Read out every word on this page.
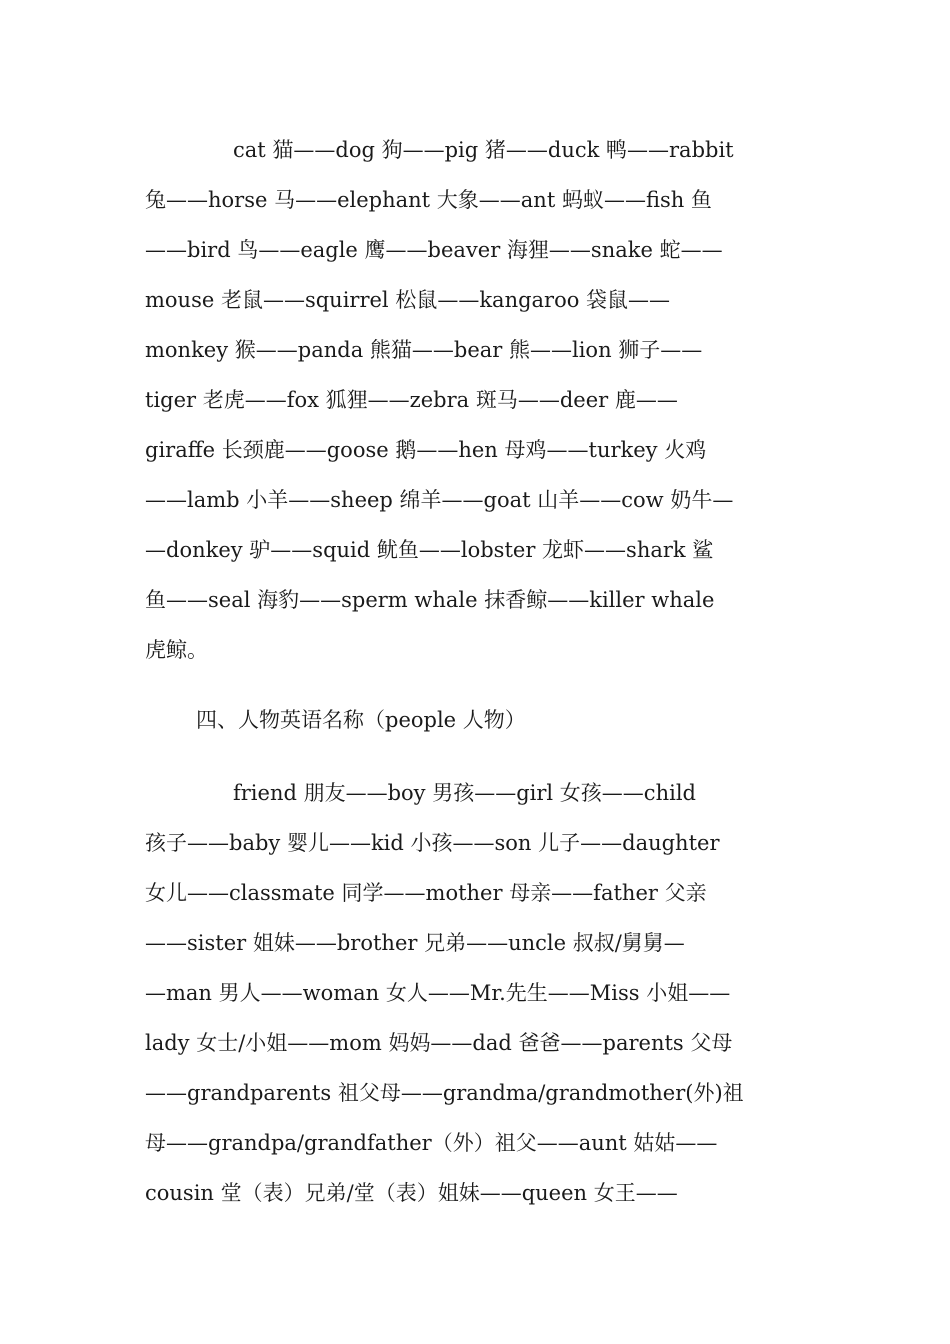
cat 猫——dog 狗——pig 猪——duck 鸭——rabbit
兔——horse 马——elephant 大象——ant 蚂蚁——fish 鱼
——bird 鸟——eagle 鹰——beaver 海狸——snake 蛇——
mouse 老鼠——squirrel 松鼠——kangaroo 袋鼠——
monkey 猴——panda 熊猫——bear 熊——lion 狮子——
tiger 老虎——fox 狐狸——zebra 斑马——deer 鹿——
giraffe 长颈鹿——goose 鹅——hen 母鸡——turkey 火鸡
——lamb 小羊——sheep 绵羊——goat 山羊——cow 奶牛—
—donkey 驴——squid 鱿鱼——lobster 龙虾——shark 鲨
鱼——seal 海豹——sperm whale 抹香鲸——killer whale
虎鲸。
四、人物英语名称（people 人物）
friend 朋友——boy 男孩——girl 女孩——child
孩子——baby 婴儿——kid 小孩——son 儿子——daughter
女儿——classmate 同学——mother 母亲——father 父亲
——sister 姐妹——brother 兄弟——uncle 叔叔/舅舅—
—man 男人——woman 女人——Mr.先生——Miss 小姐——
lady 女士/小姐——mom 妈妈——dad 爸爸——parents 父母
——grandparents 祖父母——grandma/grandmother(外)祖
母——grandpa/grandfather（外）祖父——aunt 姑姑——
cousin 堂（表）兄弟/堂（表）姐妹——queen 女王——
